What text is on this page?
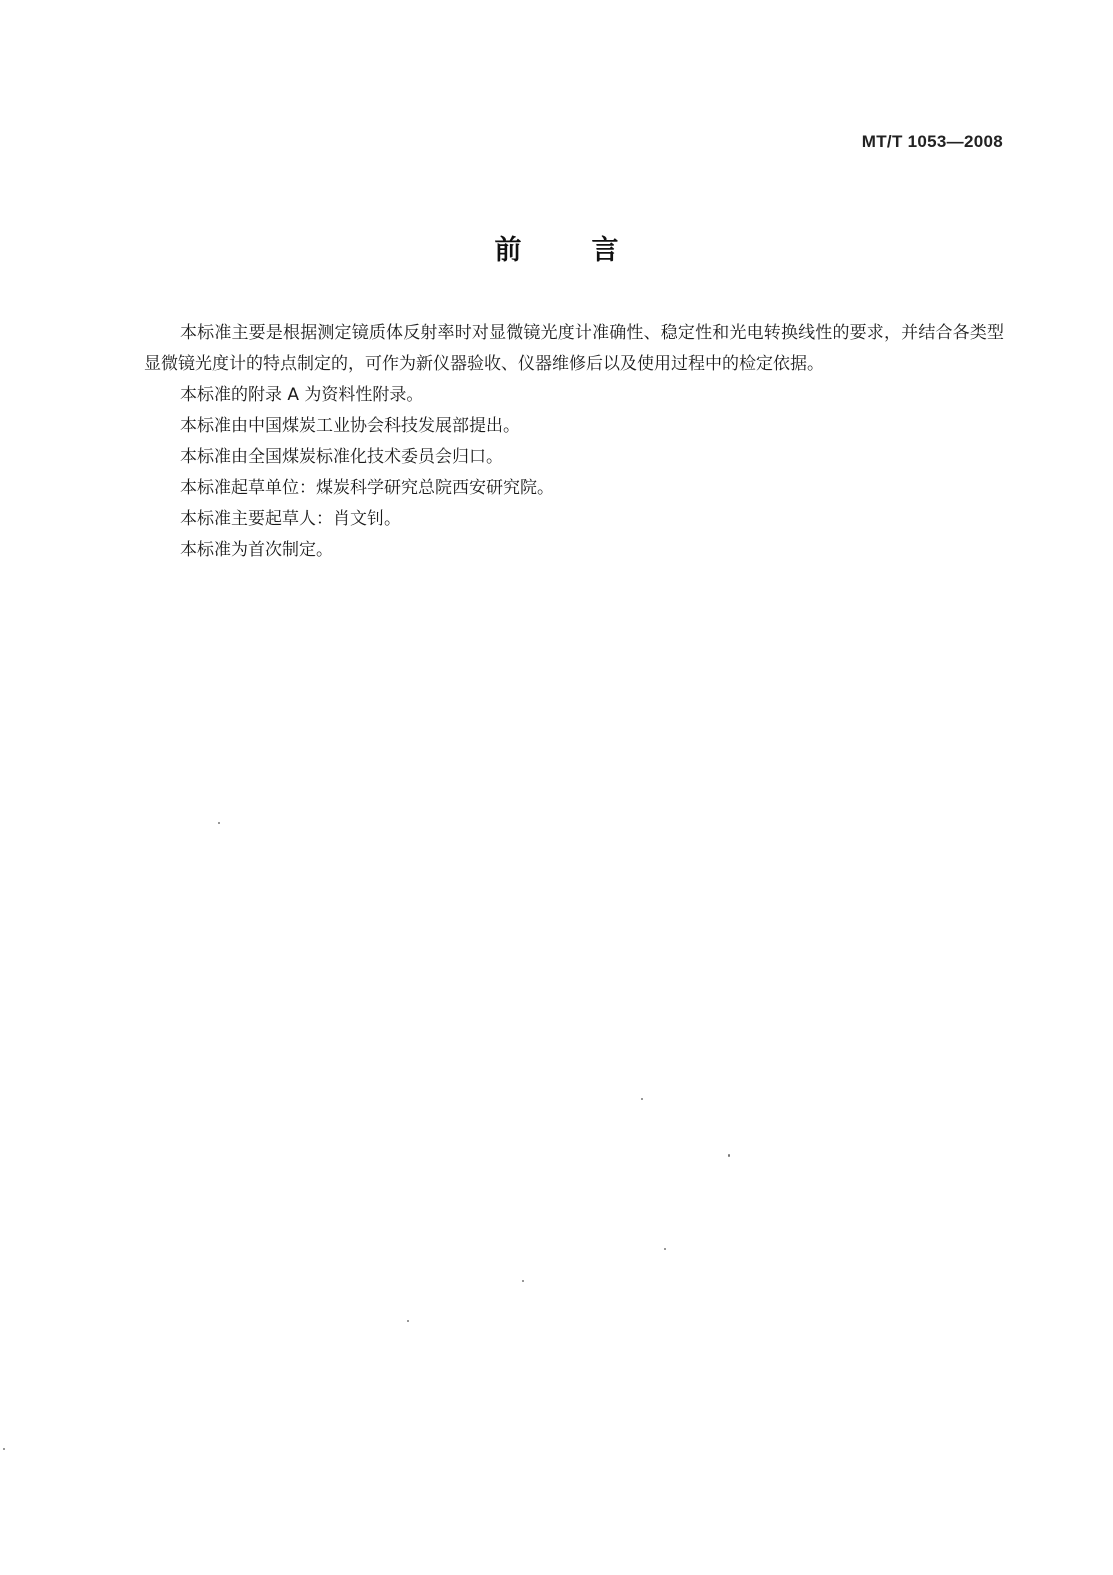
MT/T 1053—2008
前	言

本标准主要是根据测定镜质体反射率时对显微镜光度计准确性、稳定性和光电转换线性的要求，并结合各类型显微镜光度计的特点制定的，可作为新仪器验收、仪器维修后以及使用过程中的检定依据。

本标准的附录 A 为资料性附录。

本标准由中国煤炭工业协会科技发展部提出。

本标准由全国煤炭标准化技术委员会归口。

本标准起草单位：煤炭科学研究总院西安研究院。

本标准主要起草人：肖文钊。

本标准为首次制定。
